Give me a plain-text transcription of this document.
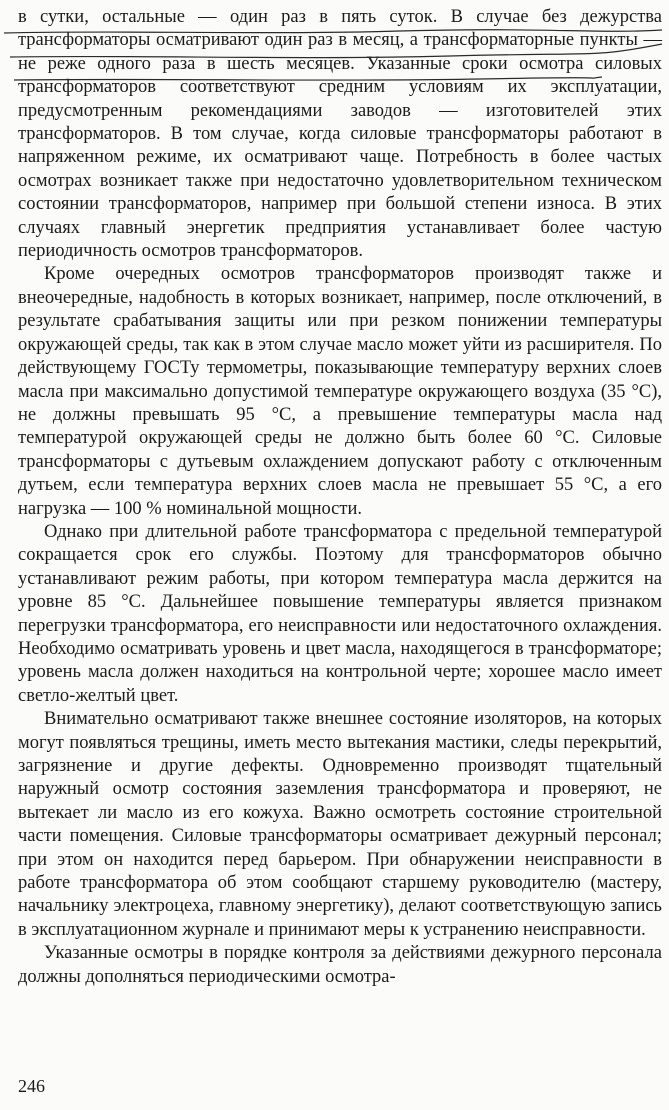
в сутки, остальные — один раз в пять суток. В случае без дежурства трансформаторы осматривают один раз в месяц, а трансформаторные пункты — не реже одного раза в шесть месяцев. Указанные сроки осмотра силовых трансформаторов соответствуют средним условиям их эксплуатации, предусмотренным рекомендациями заводов — изготовителей этих трансформаторов. В том случае, когда силовые трансформаторы работают в напряженном режиме, их осматривают чаще. Потребность в более частых осмотрах возникает также при недостаточно удовлетворительном техническом состоянии трансформаторов, например при большой степени износа. В этих случаях главный энергетик предприятия устанавливает более частую периодичность осмотров трансформаторов.

Кроме очередных осмотров трансформаторов производят также и внеочередные, надобность в которых возникает, например, после отключений, в результате срабатывания защиты или при резком понижении температуры окружающей среды, так как в этом случае масло может уйти из расширителя. По действующему ГОСТу термометры, показывающие температуру верхних слоев масла при максимально допустимой температуре окружающего воздуха (35 °С), не должны превышать 95 °С, а превышение температуры масла над температурой окружающей среды не должно быть более 60 °С. Силовые трансформаторы с дутьевым охлаждением допускают работу с отключенным дутьем, если температура верхних слоев масла не превышает 55 °С, а его нагрузка — 100 % номинальной мощности.

Однако при длительной работе трансформатора с предельной температурой сокращается срок его службы. Поэтому для трансформаторов обычно устанавливают режим работы, при котором температура масла держится на уровне 85 °С. Дальнейшее повышение температуры является признаком перегрузки трансформатора, его неисправности или недостаточного охлаждения. Необходимо осматривать уровень и цвет масла, находящегося в трансформаторе; уровень масла должен находиться на контрольной черте; хорошее масло имеет светло-желтый цвет.

Внимательно осматривают также внешнее состояние изоляторов, на которых могут появляться трещины, иметь место вытекания мастики, следы перекрытий, загрязнение и другие дефекты. Одновременно производят тщательный наружный осмотр состояния заземления трансформатора и проверяют, не вытекает ли масло из его кожуха. Важно осмотреть состояние строительной части помещения. Силовые трансформаторы осматривает дежурный персонал; при этом он находится перед барьером. При обнаружении неисправности в работе трансформатора об этом сообщают старшему руководителю (мастеру, начальнику электроцеха, главному энергетику), делают соответствующую запись в эксплуатационном журнале и принимают меры к устранению неисправности.

Указанные осмотры в порядке контроля за действиями дежурного персонала должны дополняться периодическими осмотра-

246
